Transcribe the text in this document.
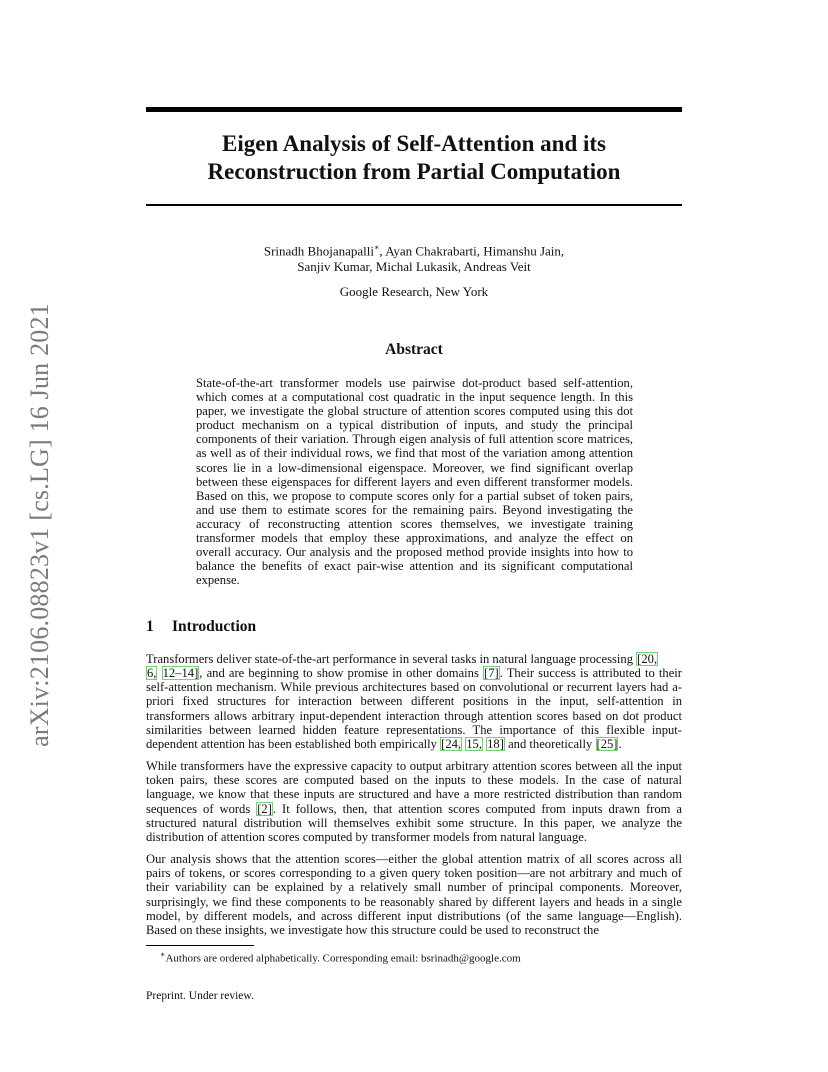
arXiv:2106.08823v1 [cs.LG] 16 Jun 2021
Eigen Analysis of Self-Attention and its
Reconstruction from Partial Computation
Srinadh Bhojanapalli∗, Ayan Chakrabarti, Himanshu Jain,
Sanjiv Kumar, Michal Lukasik, Andreas Veit
Google Research, New York
Abstract
State-of-the-art transformer models use pairwise dot-product based self-attention, which comes at a computational cost quadratic in the input sequence length. In this paper, we investigate the global structure of attention scores computed using this dot product mechanism on a typical distribution of inputs, and study the principal components of their variation. Through eigen analysis of full attention score matrices, as well as of their individual rows, we find that most of the variation among attention scores lie in a low-dimensional eigenspace. Moreover, we find significant overlap between these eigenspaces for different layers and even different transformer models. Based on this, we propose to compute scores only for a partial subset of token pairs, and use them to estimate scores for the remaining pairs. Beyond investigating the accuracy of reconstructing attention scores themselves, we investigate training transformer models that employ these approximations, and analyze the effect on overall accuracy. Our analysis and the proposed method provide insights into how to balance the benefits of exact pair-wise attention and its significant computational expense.
1 Introduction

Transformers deliver state-of-the-art performance in several tasks in natural language processing [20,
6, 12–14], and are beginning to show promise in other domains [7]. Their success is attributed to their self-attention mechanism. While previous architectures based on convolutional or recurrent layers had a-priori fixed structures for interaction between different positions in the input, self-attention in transformers allows arbitrary input-dependent interaction through attention scores based on dot product similarities between learned hidden feature representations. The importance of this flexible input-dependent attention has been established both empirically [24, 15, 18] and theoretically [25].

While transformers have the expressive capacity to output arbitrary attention scores between all the input token pairs, these scores are computed based on the inputs to these models. In the case of natural language, we know that these inputs are structured and have a more restricted distribution than random sequences of words [2]. It follows, then, that attention scores computed from inputs drawn from a structured natural distribution will themselves exhibit some structure. In this paper, we analyze the distribution of attention scores computed by transformer models from natural language.

Our analysis shows that the attention scores—either the global attention matrix of all scores across all pairs of tokens, or scores corresponding to a given query token position—are not arbitrary and much of their variability can be explained by a relatively small number of principal components. Moreover, surprisingly, we find these components to be reasonably shared by different layers and heads in a single model, by different models, and across different input distributions (of the same language—English). Based on these insights, we investigate how this structure could be used to reconstruct the

∗Authors are ordered alphabetically. Corresponding email: bsrinadh@google.com
Preprint. Under review.
